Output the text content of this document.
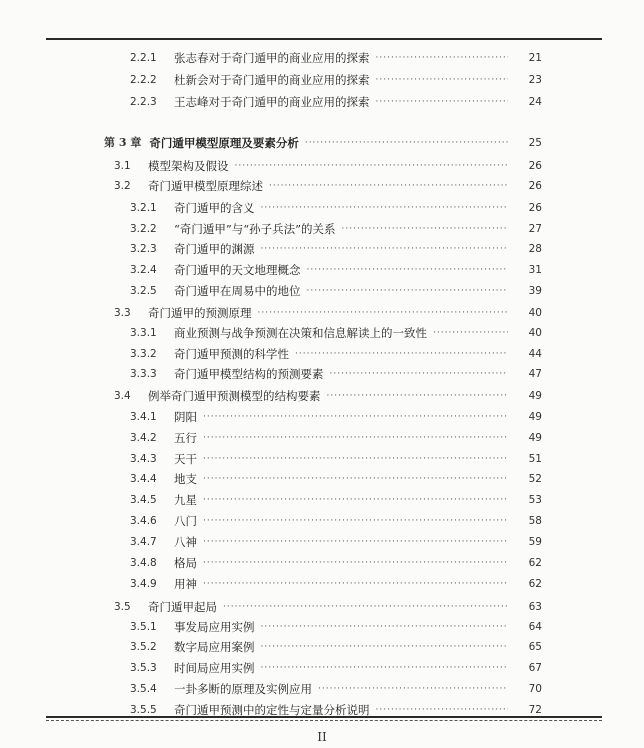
2.2.1	张志春对于奇门遁甲的商业应用的探索 ·····	21
2.2.2	杜新会对于奇门遁甲的商业应用的探索 ·····	23
2.2.3	王志峰对于奇门遁甲的商业应用的探索 ·····	24
第 3 章 奇门遁甲模型原理及要素分析 ·····	25
3.1	模型架构及假设 ·····	26
3.2	奇门遁甲模型原理综述 ·····	26
3.2.1	奇门遁甲的含义 ·····	26
3.2.2	“奇门遁甲”与“孙子兵法”的关系 ·····	27
3.2.3	奇门遁甲的渊源 ·····	28
3.2.4	奇门遁甲的天文地理概念 ·····	31
3.2.5	奇门遁甲在周易中的地位 ·····	39
3.3	奇门遁甲的预测原理 ·····	40
3.3.1	商业预测与战争预测在决策和信息解读上的一致性 ·····	40
3.3.2	奇门遁甲预测的科学性 ·····	44
3.3.3	奇门遁甲模型结构的预测要素 ·····	47
3.4	例举奇门遁甲预测模型的结构要素 ·····	49
3.4.1	阴阳 ·····	49
3.4.2	五行 ·····	49
3.4.3	天干 ·····	51
3.4.4	地支 ·····	52
3.4.5	九星 ·····	53
3.4.6	八门 ·····	58
3.4.7	八神 ·····	59
3.4.8	格局 ·····	62
3.4.9	用神 ·····	62
3.5	奇门遁甲起局 ·····	63
3.5.1	事发局应用实例 ·····	64
3.5.2	数字局应用案例 ·····	65
3.5.3	时间局应用实例 ·····	67
3.5.4	一卦多断的原理及实例应用 ·····	70
3.5.5	奇门遁甲预测中的定性与定量分析说明 ·····	72
II
